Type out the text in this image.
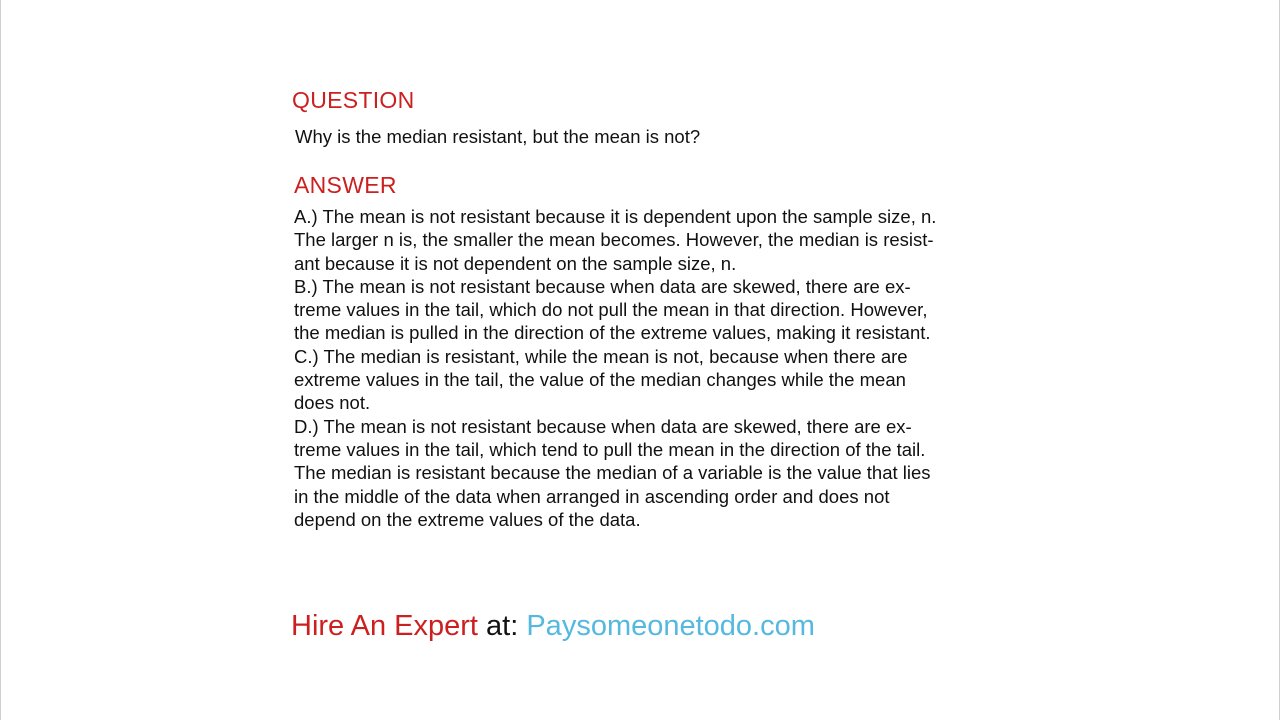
QUESTION
Why is the median resistant, but the mean is not?
ANSWER
A.) The mean is not resistant because it is dependent upon the sample size, n.
The larger n is, the smaller the mean becomes. However, the median is resist-
ant because it is not dependent on the sample size, n.
B.) The mean is not resistant because when data are skewed, there are ex-
treme values in the tail, which do not pull the mean in that direction. However,
the median is pulled in the direction of the extreme values, making it resistant.
C.) The median is resistant, while the mean is not, because when there are
extreme values in the tail, the value of the median changes while the mean
does not.
D.) The mean is not resistant because when data are skewed, there are ex-
treme values in the tail, which tend to pull the mean in the direction of the tail.
The median is resistant because the median of a variable is the value that lies
in the middle of the data when arranged in ascending order and does not
depend on the extreme values of the data.
Hire An Expert at: Paysomeonetodo.com
